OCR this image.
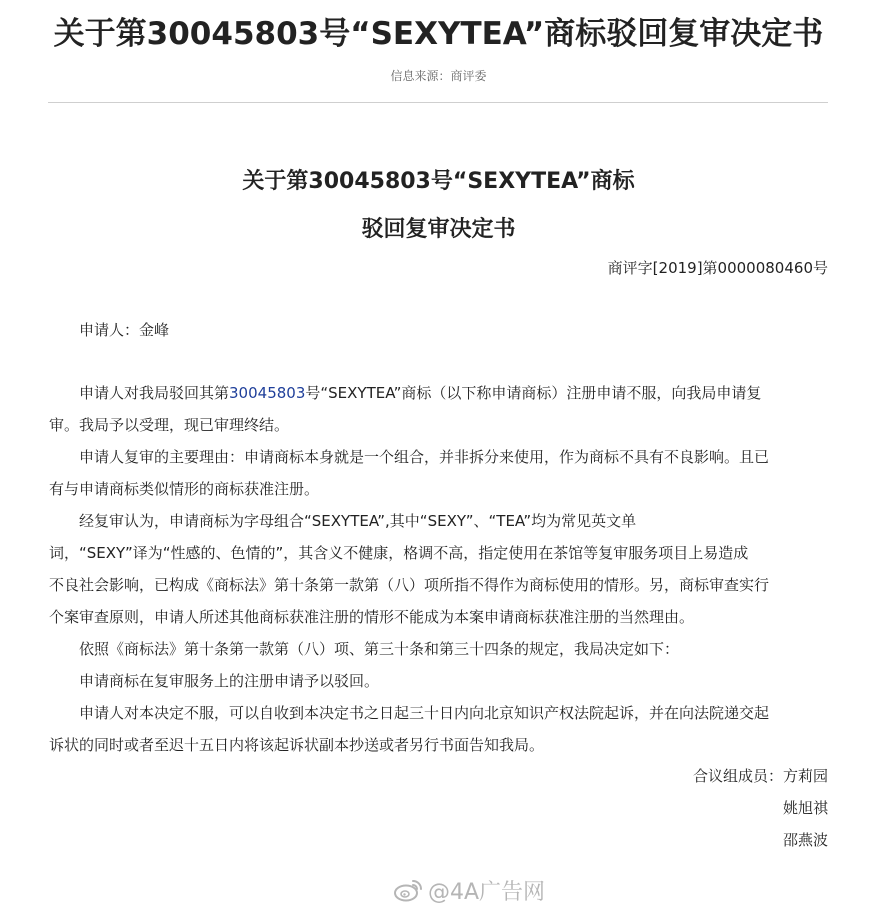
关于第30045803号“SEXYTEA”商标驳回复审决定书
信息来源：商评委
关于第30045803号“SEXYTEA”商标
驳回复审决定书
商评字[2019]第0000080460号
申请人：金峰
申请人对我局驳回其第30045803号“SEXYTEA”商标（以下称申请商标）注册申请不服，向我局申请复
审。我局予以受理，现已审理终结。
申请人复审的主要理由：申请商标本身就是一个组合，并非拆分来使用，作为商标不具有不良影响。且已
有与申请商标类似情形的商标获准注册。
经复审认为，申请商标为字母组合“SEXYTEA”,其中“SEXY”、“TEA”均为常见英文单
词，“SEXY”译为“性感的、色情的”，其含义不健康，格调不高，指定使用在茶馆等复审服务项目上易造成
不良社会影响，已构成《商标法》第十条第一款第（八）项所指不得作为商标使用的情形。另，商标审查实行
个案审查原则，申请人所述其他商标获准注册的情形不能成为本案申请商标获准注册的当然理由。
依照《商标法》第十条第一款第（八）项、第三十条和第三十四条的规定，我局决定如下：
申请商标在复审服务上的注册申请予以驳回。
申请人对本决定不服，可以自收到本决定书之日起三十日内向北京知识产权法院起诉，并在向法院递交起
诉状的同时或者至迟十五日内将该起诉状副本抄送或者另行书面告知我局。
合议组成员：方莉园
姚旭祺
邵燕波
@4A广告网
